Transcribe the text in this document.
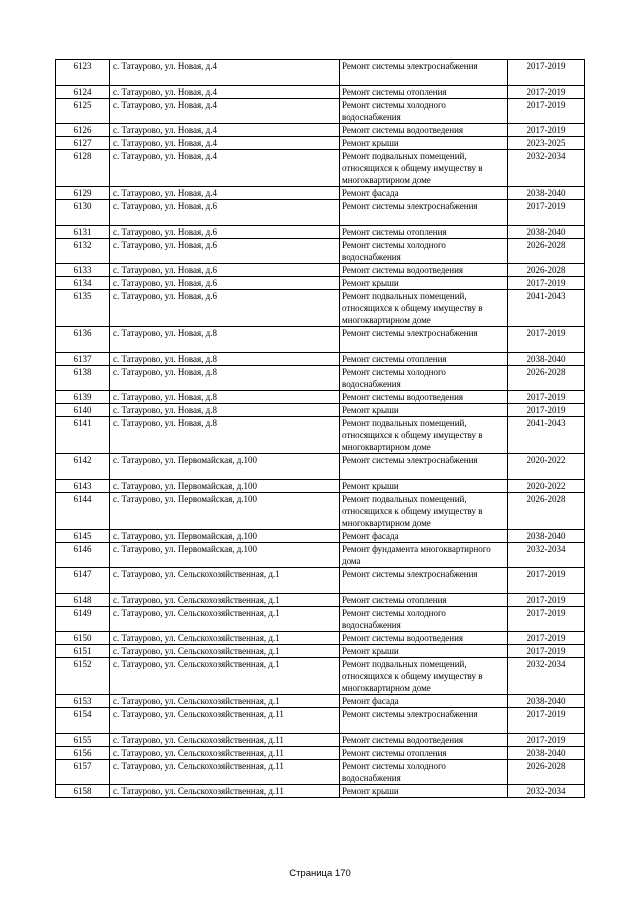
6123	с. Татаурово, ул. Новая, д.4	Ремонт системы электроснабжения	2017-2019
6124	с. Татаурово, ул. Новая, д.4	Ремонт системы отопления	2017-2019
6125	с. Татаурово, ул. Новая, д.4	Ремонт системы холодного водоснабжения	2017-2019
6126	с. Татаурово, ул. Новая, д.4	Ремонт системы водоотведения	2017-2019
6127	с. Татаурово, ул. Новая, д.4	Ремонт крыши	2023-2025
6128	с. Татаурово, ул. Новая, д.4	Ремонт подвальных помещений, относящихся к общему имуществу в многоквартирном доме	2032-2034
6129	с. Татаурово, ул. Новая, д.4	Ремонт фасада	2038-2040
6130	с. Татаурово, ул. Новая, д.6	Ремонт системы электроснабжения	2017-2019
6131	с. Татаурово, ул. Новая, д.6	Ремонт системы отопления	2038-2040
6132	с. Татаурово, ул. Новая, д.6	Ремонт системы холодного водоснабжения	2026-2028
6133	с. Татаурово, ул. Новая, д.6	Ремонт системы водоотведения	2026-2028
6134	с. Татаурово, ул. Новая, д.6	Ремонт крыши	2017-2019
6135	с. Татаурово, ул. Новая, д.6	Ремонт подвальных помещений, относящихся к общему имуществу в многоквартирном доме	2041-2043
6136	с. Татаурово, ул. Новая, д.8	Ремонт системы электроснабжения	2017-2019
6137	с. Татаурово, ул. Новая, д.8	Ремонт системы отопления	2038-2040
6138	с. Татаурово, ул. Новая, д.8	Ремонт системы холодного водоснабжения	2026-2028
6139	с. Татаурово, ул. Новая, д.8	Ремонт системы водоотведения	2017-2019
6140	с. Татаурово, ул. Новая, д.8	Ремонт крыши	2017-2019
6141	с. Татаурово, ул. Новая, д.8	Ремонт подвальных помещений, относящихся к общему имуществу в многоквартирном доме	2041-2043
6142	с. Татаурово, ул. Первомайская, д.100	Ремонт системы электроснабжения	2020-2022
6143	с. Татаурово, ул. Первомайская, д.100	Ремонт крыши	2020-2022
6144	с. Татаурово, ул. Первомайская, д.100	Ремонт подвальных помещений, относящихся к общему имуществу в многоквартирном доме	2026-2028
6145	с. Татаурово, ул. Первомайская, д.100	Ремонт фасада	2038-2040
6146	с. Татаурово, ул. Первомайская, д.100	Ремонт фундамента многоквартирного дома	2032-2034
6147	с. Татаурово, ул. Сельскохозяйственная, д.1	Ремонт системы электроснабжения	2017-2019
6148	с. Татаурово, ул. Сельскохозяйственная, д.1	Ремонт системы отопления	2017-2019
6149	с. Татаурово, ул. Сельскохозяйственная, д.1	Ремонт системы холодного водоснабжения	2017-2019
6150	с. Татаурово, ул. Сельскохозяйственная, д.1	Ремонт системы водоотведения	2017-2019
6151	с. Татаурово, ул. Сельскохозяйственная, д.1	Ремонт крыши	2017-2019
6152	с. Татаурово, ул. Сельскохозяйственная, д.1	Ремонт подвальных помещений, относящихся к общему имуществу в многоквартирном доме	2032-2034
6153	с. Татаурово, ул. Сельскохозяйственная, д.1	Ремонт фасада	2038-2040
6154	с. Татаурово, ул. Сельскохозяйственная, д.11	Ремонт системы электроснабжения	2017-2019
6155	с. Татаурово, ул. Сельскохозяйственная, д.11	Ремонт системы водоотведения	2017-2019
6156	с. Татаурово, ул. Сельскохозяйственная, д.11	Ремонт системы отопления	2038-2040
6157	с. Татаурово, ул. Сельскохозяйственная, д.11	Ремонт системы холодного водоснабжения	2026-2028
6158	с. Татаурово, ул. Сельскохозяйственная, д.11	Ремонт крыши	2032-2034
Страница 170
